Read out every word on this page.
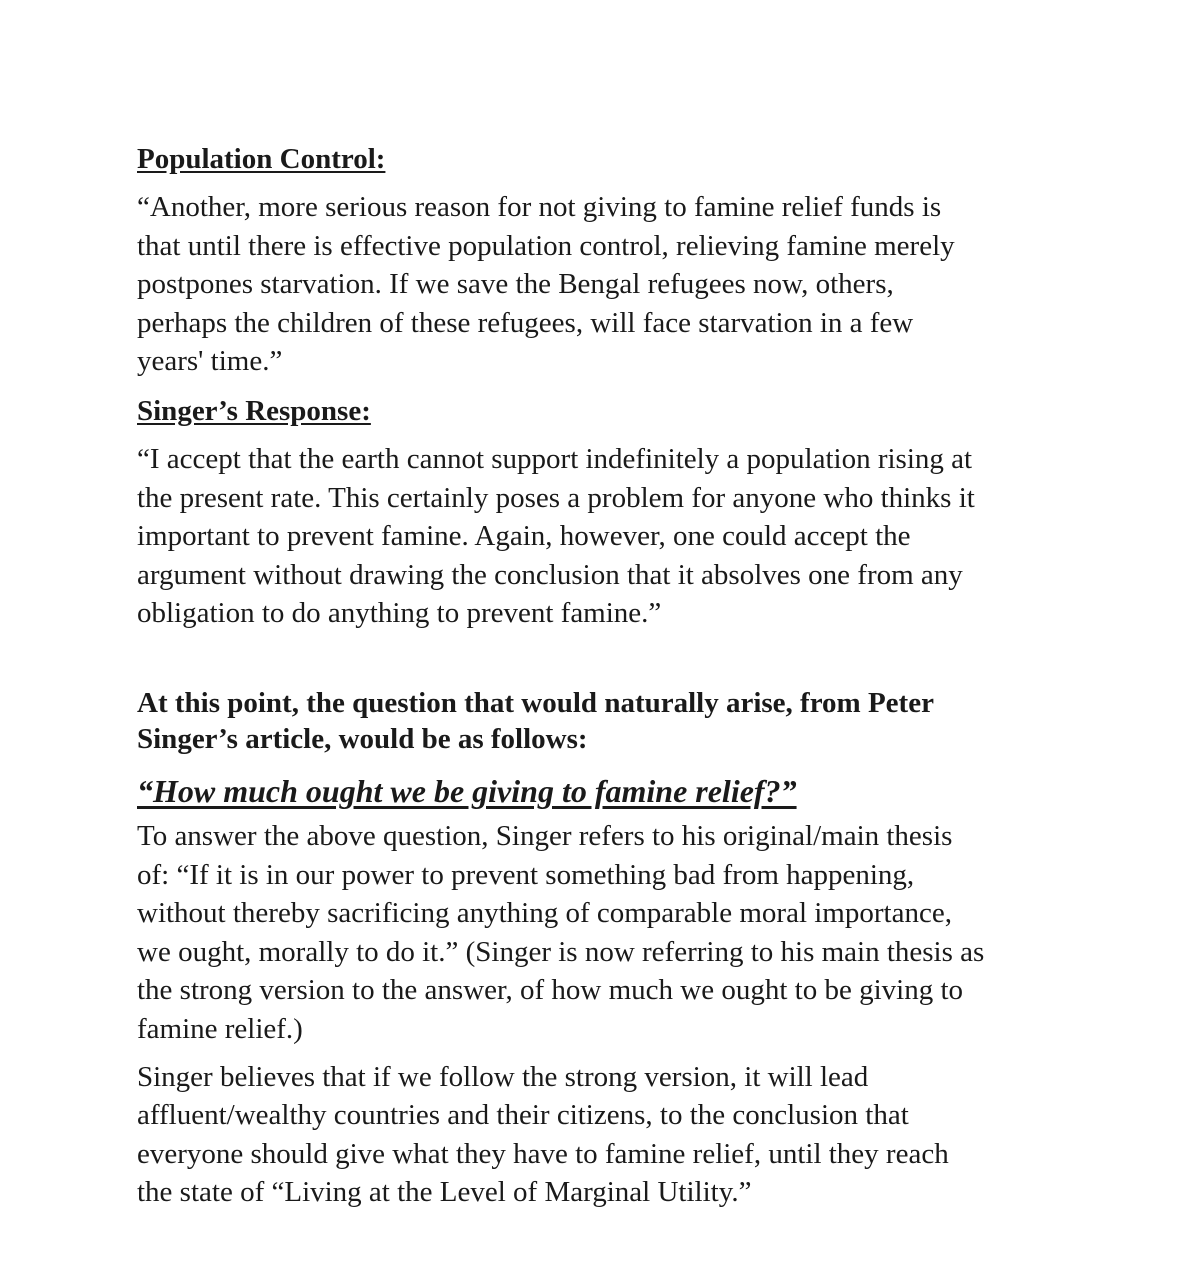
Population Control:

“Another, more serious reason for not giving to famine relief funds is
that until there is effective population control, relieving famine merely
postpones starvation. If we save the Bengal refugees now, others,
perhaps the children of these refugees, will face starvation in a few
years' time.”

Singer’s Response:

“I accept that the earth cannot support indefinitely a population rising at
the present rate. This certainly poses a problem for anyone who thinks it
important to prevent famine. Again, however, one could accept the
argument without drawing the conclusion that it absolves one from any
obligation to do anything to prevent famine.”

At this point, the question that would naturally arise, from Peter
Singer’s article, would be as follows:

“How much ought we be giving to famine relief?”

To answer the above question, Singer refers to his original/main thesis
of: “If it is in our power to prevent something bad from happening,
without thereby sacrificing anything of comparable moral importance,
we ought, morally to do it.” (Singer is now referring to his main thesis as
the strong version to the answer, of how much we ought to be giving to
famine relief.)

Singer believes that if we follow the strong version, it will lead
affluent/wealthy countries and their citizens, to the conclusion that
everyone should give what they have to famine relief, until they reach
the state of “Living at the Level of Marginal Utility.”
